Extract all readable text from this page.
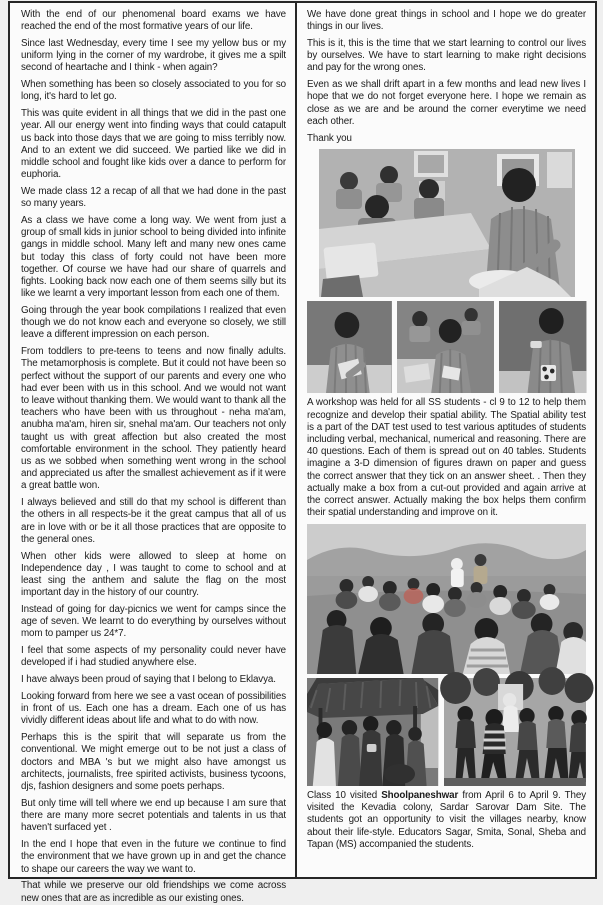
With the end of our phenomenal board exams we have reached the end of the most formative years of our life.

Since last Wednesday, every time I see my yellow bus or my uniform lying in the corner of my wardrobe, it gives me a spilt second of heartache and I think - when again?

When something has been so closely associated to you for so long, it's hard to let go.

This was quite evident in all things that we did in the past one year. All our energy went into finding ways that could catapult us back into those days that we are going to miss terribly now. And to an extent we did succeed. We partied like we did in middle school and fought like kids over a dance to perform for euphoria.

We made class 12 a recap of all that we had done in the past so many years.

As a class we have come a long way. We went from just a group of small kids in junior school to being divided into infinite gangs in middle school. Many left and many new ones came but today this class of forty could not have been more together. Of course we have had our share of quarrels and fights. Looking back now each one of them seems silly but its like we learnt a very important lesson from each one of them.

Going through the year book compilations I realized that even though we do not know each and everyone so closely, we still leave a different impression on each person.

From toddlers to pre-teens to teens and now finally adults. The metamorphosis is complete. But it could not have been so perfect without the support of our parents and every one who had ever been with us in this school. And we would not want to leave without thanking them. We would want to thank all the teachers who have been with us throughout - neha ma'am, anubha ma'am, hiren sir, snehal ma'am. Our teachers not only taught us with great affection but also created the most comfortable environment in the school. They patiently heard us as we sobbed when something went wrong in the school and appreciated us after the smallest achievement as if it were a great battle won.

I always believed and still do that my school is different than the others in all respects-be it the great campus that all of us are in love with or be it all those practices that are opposite to the general ones.

When other kids were allowed to sleep at home on Independence day , I was taught to come to school and at least sing the anthem and salute the flag on the most important day in the history of our country.

Instead of going for day-picnics we went for camps since the age of seven. We learnt to do everything by ourselves without mom to pamper us 24*7.

I feel that some aspects of my personality could never have developed if i had studied anywhere else.

I have always been proud of saying that I belong to Eklavya.

Looking forward from here we see a vast ocean of possibilities in front of us. Each one has a dream. Each one of us has vividly different ideas about life and what to do with now.

Perhaps this is the spirit that will separate us from the conventional. We might emerge out to be not just a class of doctors and MBA 's but we might also have amongst us architects, journalists, free spirited activists, business tycoons, djs, fashion designers and some poets perhaps.

But only time will tell where we end up because I am sure that there are many more secret potentials and talents in us that haven't surfaced yet .

In the end I hope that even in the future we continue to find the environment that we have grown up in and get the chance to shape our careers the way we want to.

That while we preserve our old friendships we come across new ones that are as incredible as our existing ones.

We have done great things in school and I hope we do greater things in our lives.

This is it, this is the time that we start learning to control our lives by ourselves. We have to start learning to make right decisions and pay for the wrong ones.

Even as we shall drift apart in a few months and lead new lives I hope that we do not forget everyone here. I hope we remain as close as we are and be around the corner everytime we need each other.

Thank you

A workshop was held for all SS students - cl 9 to 12 to help them recognize and develop their spatial ability. The Spatial ability test is a part of the DAT test used to test various aptitudes of students including verbal, mechanical, numerical and reasoning. There are 40 questions. Each of them is spread out on 40 tables. Students imagine a 3-D dimension of figures drawn on paper and guess the correct answer that they tick on an answer sheet. . Then they actually make a box from a cut-out provided and again arrive at the correct answer. Actually making the box helps them confirm their spatial understanding and improve on it.

Class 10 visited Shoolpaneshwar from April 6 to April 9. They visited the Kevadia colony, Sardar Sarovar Dam Site. The students got an opportunity to visit the villages nearby, know about their life-style. Educators Sagar, Smita, Sonal, Sheba and Tapan (MS) accompanied the students.
